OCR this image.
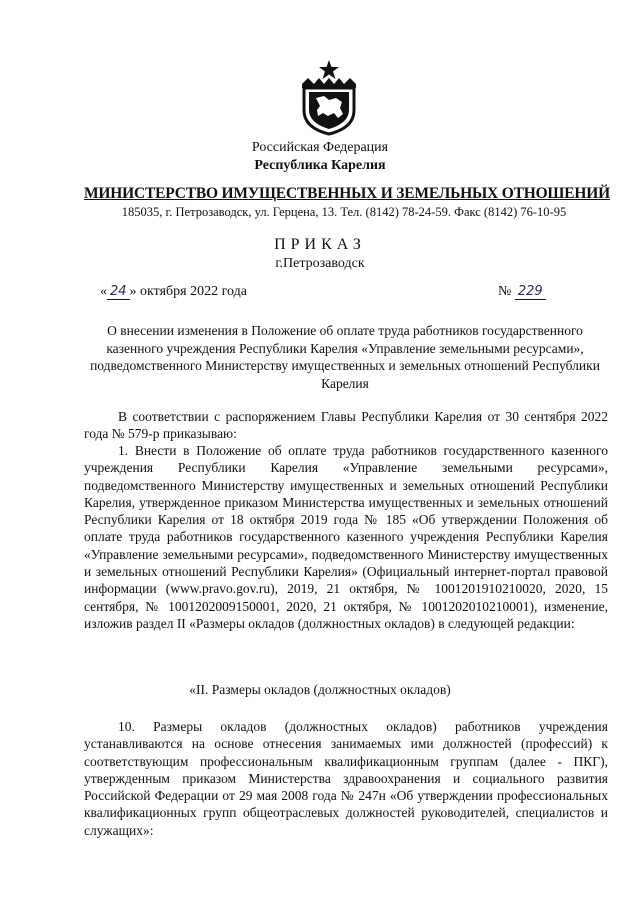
Российская Федерация
Республика Карелия
МИНИСТЕРСТВО ИМУЩЕСТВЕННЫХ И ЗЕМЕЛЬНЫХ ОТНОШЕНИЙ
185035, г. Петрозаводск, ул. Герцена, 13. Тел. (8142) 78-24-59. Факс (8142) 76-10-95
ПРИКАЗ
г.Петрозаводск
« 24 » октября 2022 года	№ 229
О внесении изменения в Положение об оплате труда работников государственного казенного учреждения Республики Карелия «Управление земельными ресурсами», подведомственного Министерству имущественных и земельных отношений Республики Карелия

В соответствии с распоряжением Главы Республики Карелия от 30 сентября 2022 года № 579-р приказываю:

1. Внести в Положение об оплате труда работников государственного казенного учреждения Республики Карелия «Управление земельными ресурсами», подведомственного Министерству имущественных и земельных отношений Республики Карелия, утвержденное приказом Министерства имущественных и земельных отношений Республики Карелия от 18 октября 2019 года № 185 «Об утверждении Положения об оплате труда работников государственного казенного учреждения Республики Карелия «Управление земельными ресурсами», подведомственного Министерству имущественных и земельных отношений Республики Карелия» (Официальный интернет-портал правовой информации (www.pravo.gov.ru), 2019, 21 октября, № 1001201910210020, 2020, 15 сентября, № 1001202009150001, 2020, 21 октября, № 1001202010210001), изменение, изложив раздел II «Размеры окладов (должностных окладов) в следующей редакции:

«II. Размеры окладов (должностных окладов)

10. Размеры окладов (должностных окладов) работников учреждения устанавливаются на основе отнесения занимаемых ими должностей (профессий) к соответствующим профессиональным квалификационным группам (далее - ПКГ), утвержденным приказом Министерства здравоохранения и социального развития Российской Федерации от 29 мая 2008 года № 247н «Об утверждении профессиональных квалификационных групп общеотраслевых должностей руководителей, специалистов и служащих»:
